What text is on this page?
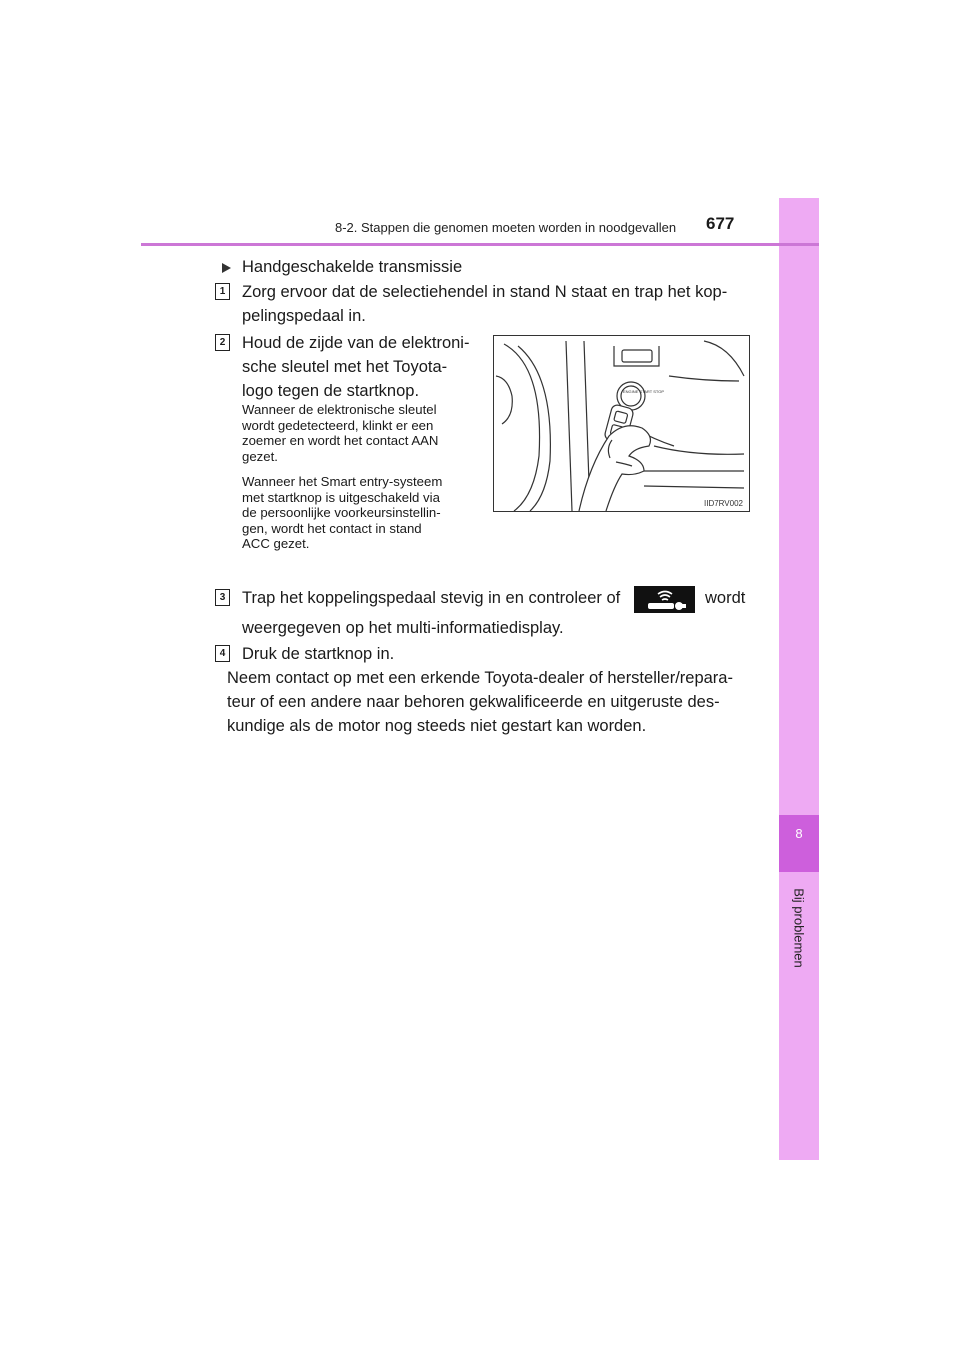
8
Bij problemen
8-2. Stappen die genomen moeten worden in noodgevallen 677
Handgeschakelde transmissie
1 Zorg ervoor dat de selectiehendel in stand N staat en trap het kop-
pelingspedaal in.
2 Houd de zijde van de elektroni-
sche sleutel met het Toyota-
logo tegen de startknop.
Wanneer de elektronische sleutel
wordt gedetecteerd, klinkt er een
zoemer en wordt het contact AAN
gezet.
Wanneer het Smart entry-systeem
met startknop is uitgeschakeld via
de persoonlijke voorkeursinstellin-
gen, wordt het contact in stand
ACC gezet.
ENGINE START STOP
IID7RV002
3 Trap het koppelingspedaal stevig in en controleer of	wordt
weergegeven op het multi-informatiedisplay.
4 Druk de startknop in.
Neem contact op met een erkende Toyota-dealer of hersteller/repara-
teur of een andere naar behoren gekwalificeerde en uitgeruste des-
kundige als de motor nog steeds niet gestart kan worden.
